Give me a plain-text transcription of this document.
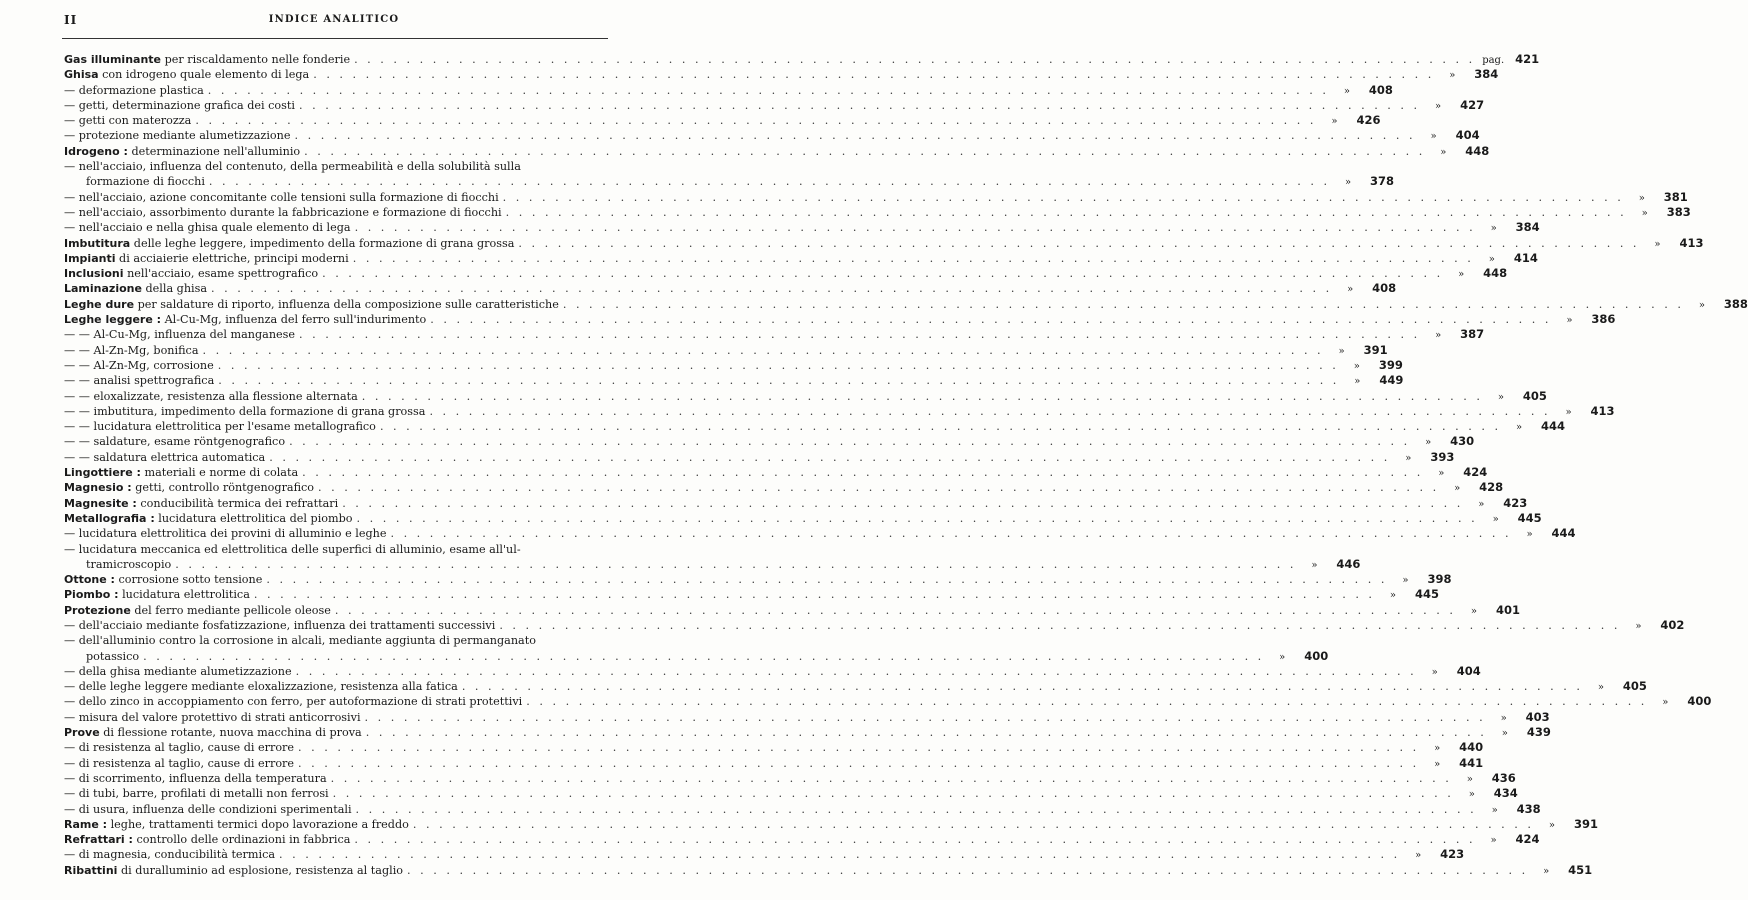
II	INDICE ANALITICO
Gas illuminante per riscaldamento nelle fonderie . . .	pag. 421
Ghisa con idrogeno quale elemento di lega . . .	»	384
— deformazione plastica . . .	»	408
— getti, determinazione grafica dei costi . . .	»	427
— getti con materozza . . .	»	426
— protezione mediante alumetizzazione . . .	»	404
Idrogeno : determinazione nell'alluminio . . .	»	448
— nell'acciaio, influenza del contenuto, della permeabilità e della solubilità sulla
formazione di fiocchi . . .	»	378
— nell'acciaio, azione concomitante colle tensioni sulla formazione di fiocchi . . .	»	381
— nell'acciaio, assorbimento durante la fabbricazione e formazione di fiocchi . . .	»	383
— nell'acciaio e nella ghisa quale elemento di lega . . .	»	384
Imbutitura delle leghe leggere, impedimento della formazione di grana grossa . . .	»	413
Impianti di acciaierie elettriche, principi moderni . . .	»	414
Inclusioni nell'acciaio, esame spettrografico . . .	»	448
Laminazione della ghisa . . .	»	408
Leghe dure per saldature di riporto, influenza della composizione sulle caratteristiche . . .	»	388
Leghe leggere : Al-Cu-Mg, influenza del ferro sull'indurimento . . .	»	386
— — Al-Cu-Mg, influenza del manganese . . .	»	387
— — Al-Zn-Mg, bonifica . . .	»	391
— — Al-Zn-Mg, corrosione . . .	»	399
— — analisi spettrografica . . .	»	449
— — eloxalizzate, resistenza alla flessione alternata . . .	»	405
— — imbutitura, impedimento della formazione di grana grossa . . .	»	413
— — lucidatura elettrolitica per l'esame metallografico . . .	»	444
— — saldature, esame röntgenografico . . .	»	430
— — saldatura elettrica automatica . . .	»	393
Lingottiere : materiali e norme di colata . . .	»	424
Magnesio : getti, controllo röntgenografico . . .	»	428
Magnesite : conducibilità termica dei refrattari . . .	»	423
Metallografia : lucidatura elettrolitica del piombo . . .	»	445
— lucidatura elettrolitica dei provini di alluminio e leghe . . .	»	444
— lucidatura meccanica ed elettrolitica delle superfici di alluminio, esame all'ul-
tramicroscopio . . .	»	446
Ottone : corrosione sotto tensione . . .	»	398
Piombo : lucidatura elettrolitica . . .	»	445
Protezione del ferro mediante pellicole oleose . . .	»	401
— dell'acciaio mediante fosfatizzazione, influenza dei trattamenti successivi . . .	»	402
— dell'alluminio contro la corrosione in alcali, mediante aggiunta di permanganato
potassico . . .	»	400
— della ghisa mediante alumetizzazione . . .	»	404
— delle leghe leggere mediante eloxalizzazione, resistenza alla fatica . . .	»	405
— dello zinco in accoppiamento con ferro, per autoformazione di strati protettivi . . .	»	400
— misura del valore protettivo di strati anticorrosivi . . .	»	403
Prove di flessione rotante, nuova macchina di prova . . .	»	439
— di resistenza al taglio, cause di errore . . .	»	440
— di resistenza al taglio, cause di errore . . .	»	441
— di scorrimento, influenza della temperatura . . .	»	436
— di tubi, barre, profilati di metalli non ferrosi . . .	»	434
— di usura, influenza delle condizioni sperimentali . . .	»	438
Rame : leghe, trattamenti termici dopo lavorazione a freddo . . .	»	391
Refrattari : controllo delle ordinazioni in fabbrica . . .	»	424
— di magnesia, conducibilità termica . . .	»	423
Ribattini di duralluminio ad esplosione, resistenza al taglio . . .	»	451
